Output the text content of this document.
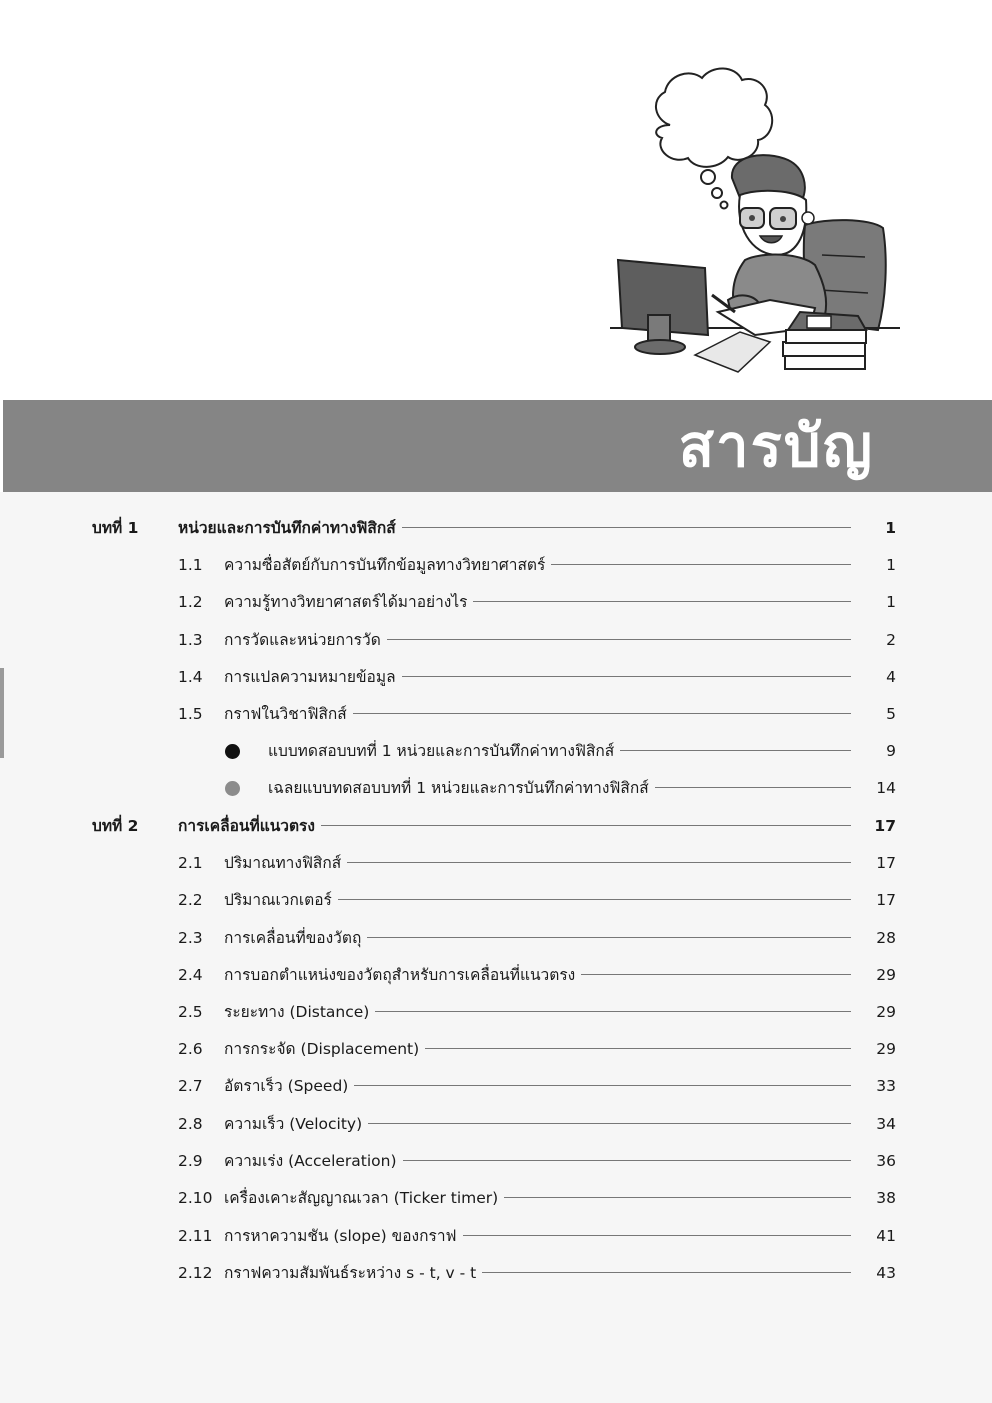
สารบัญ
บทที่ 1	หน่วยและการบันทึกค่าทางฟิสิกส์	1
1.1 ความซื่อสัตย์กับการบันทึกข้อมูลทางวิทยาศาสตร์	1
1.2 ความรู้ทางวิทยาศาสตร์ได้มาอย่างไร	1
1.3 การวัดและหน่วยการวัด	2
1.4 การแปลความหมายข้อมูล	4
1.5 กราฟในวิชาฟิสิกส์	5
แบบทดสอบบทที่ 1 หน่วยและการบันทึกค่าทางฟิสิกส์	9
เฉลยแบบทดสอบบทที่ 1 หน่วยและการบันทึกค่าทางฟิสิกส์	14
บทที่ 2	การเคลื่อนที่แนวตรง	17
2.1 ปริมาณทางฟิสิกส์	17
2.2 ปริมาณเวกเตอร์	17
2.3 การเคลื่อนที่ของวัตถุ	28
2.4 การบอกตำแหน่งของวัตถุสำหรับการเคลื่อนที่แนวตรง	29
2.5 ระยะทาง (Distance)	29
2.6 การกระจัด (Displacement)	29
2.7 อัตราเร็ว (Speed)	33
2.8 ความเร็ว (Velocity)	34
2.9 ความเร่ง (Acceleration)	36
2.10 เครื่องเคาะสัญญาณเวลา (Ticker timer)	38
2.11 การหาความชัน (slope) ของกราฟ	41
2.12 กราฟความสัมพันธ์ระหว่าง s - t, v - t	43
